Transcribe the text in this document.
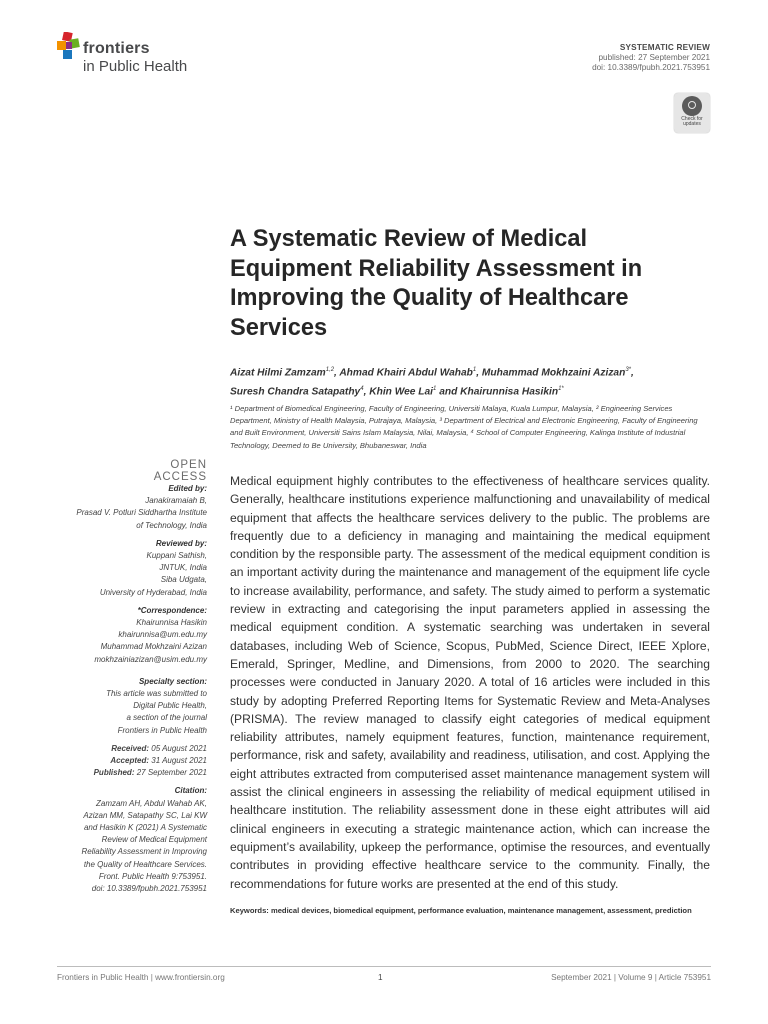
frontiers
in Public Health
SYSTEMATIC REVIEW
published: 27 September 2021
doi: 10.3389/fpubh.2021.753951
Check for updates
A Systematic Review of Medical Equipment Reliability Assessment in Improving the Quality of Healthcare Services
Aizat Hilmi Zamzam$^{1,2}$, Ahmad Khairi Abdul Wahab$^1$, Muhammad Mokhzaini Azizan$^{3*}$,
Suresh Chandra Satapathy$^4$, Khin Wee Lai$^1$ and Khairunnisa Hasikin$^{1*}$
¹ Department of Biomedical Engineering, Faculty of Engineering, Universiti Malaya, Kuala Lumpur, Malaysia, ² Engineering Services Department, Ministry of Health Malaysia, Putrajaya, Malaysia, ³ Department of Electrical and Electronic Engineering, Faculty of Engineering and Built Environment, Universiti Sains Islam Malaysia, Nilai, Malaysia, ⁴ School of Computer Engineering, Kalinga Institute of Industrial Technology, Deemed to Be University, Bhubaneswar, India
OPEN ACCESS
Edited by:
Janakiramaiah B,
Prasad V. Potluri Siddhartha Institute
of Technology, India
Reviewed by:
Kuppani Sathish,
JNTUK, India
Siba Udgata,
University of Hyderabad, India
*Correspondence:
Khairunnisa Hasikin
khairunnisa@um.edu.my
Muhammad Mokhzaini Azizan
mokhzainiazizan@usim.edu.my
Specialty section:
This article was submitted to
Digital Public Health,
a section of the journal
Frontiers in Public Health
Received: 05 August 2021
Accepted: 31 August 2021
Published: 27 September 2021
Citation:
Zamzam AH, Abdul Wahab AK,
Azizan MM, Satapathy SC, Lai KW
and Hasikin K (2021) A Systematic
Review of Medical Equipment
Reliability Assessment in Improving
the Quality of Healthcare Services.
Front. Public Health 9:753951.
doi: 10.3389/fpubh.2021.753951
Medical equipment highly contributes to the effectiveness of healthcare services quality. Generally, healthcare institutions experience malfunctioning and unavailability of medical equipment that affects the healthcare services delivery to the public. The problems are frequently due to a deficiency in managing and maintaining the medical equipment condition by the responsible party. The assessment of the medical equipment condition is an important activity during the maintenance and management of the equipment life cycle to increase availability, performance, and safety. The study aimed to perform a systematic review in extracting and categorising the input parameters applied in assessing the medical equipment condition. A systematic searching was undertaken in several databases, including Web of Science, Scopus, PubMed, Science Direct, IEEE Xplore, Emerald, Springer, Medline, and Dimensions, from 2000 to 2020. The searching processes were conducted in January 2020. A total of 16 articles were included in this study by adopting Preferred Reporting Items for Systematic Review and Meta-Analyses (PRISMA). The review managed to classify eight categories of medical equipment reliability attributes, namely equipment features, function, maintenance requirement, performance, risk and safety, availability and readiness, utilisation, and cost. Applying the eight attributes extracted from computerised asset maintenance management system will assist the clinical engineers in assessing the reliability of medical equipment utilised in healthcare institution. The reliability assessment done in these eight attributes will aid clinical engineers in executing a strategic maintenance action, which can increase the equipment’s availability, upkeep the performance, optimise the resources, and eventually contributes in providing effective healthcare service to the community. Finally, the recommendations for future works are presented at the end of this study.
Keywords: medical devices, biomedical equipment, performance evaluation, maintenance management, assessment, prediction
Frontiers in Public Health | www.frontiersin.org	1	September 2021 | Volume 9 | Article 753951
